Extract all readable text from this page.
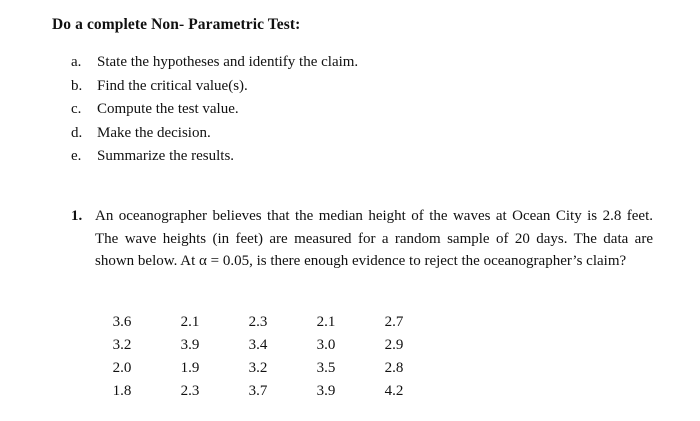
Do a complete Non- Parametric Test:
a.	State the hypotheses and identify the claim.
b. Find the critical value(s).
c.	Compute the test value.
d. Make the decision.
e.	Summarize the results.
1. An oceanographer believes that the median height of the waves at Ocean City is 2.8 feet. The wave heights (in feet) are measured for a random sample of 20 days. The data are shown below. At α = 0.05, is there enough evidence to reject the oceanographer’s claim?
3.6	2.1	2.3	2.1	2.7
3.2	3.9	3.4	3.0	2.9
2.0	1.9	3.2	3.5	2.8
1.8	2.3	3.7	3.9	4.2
